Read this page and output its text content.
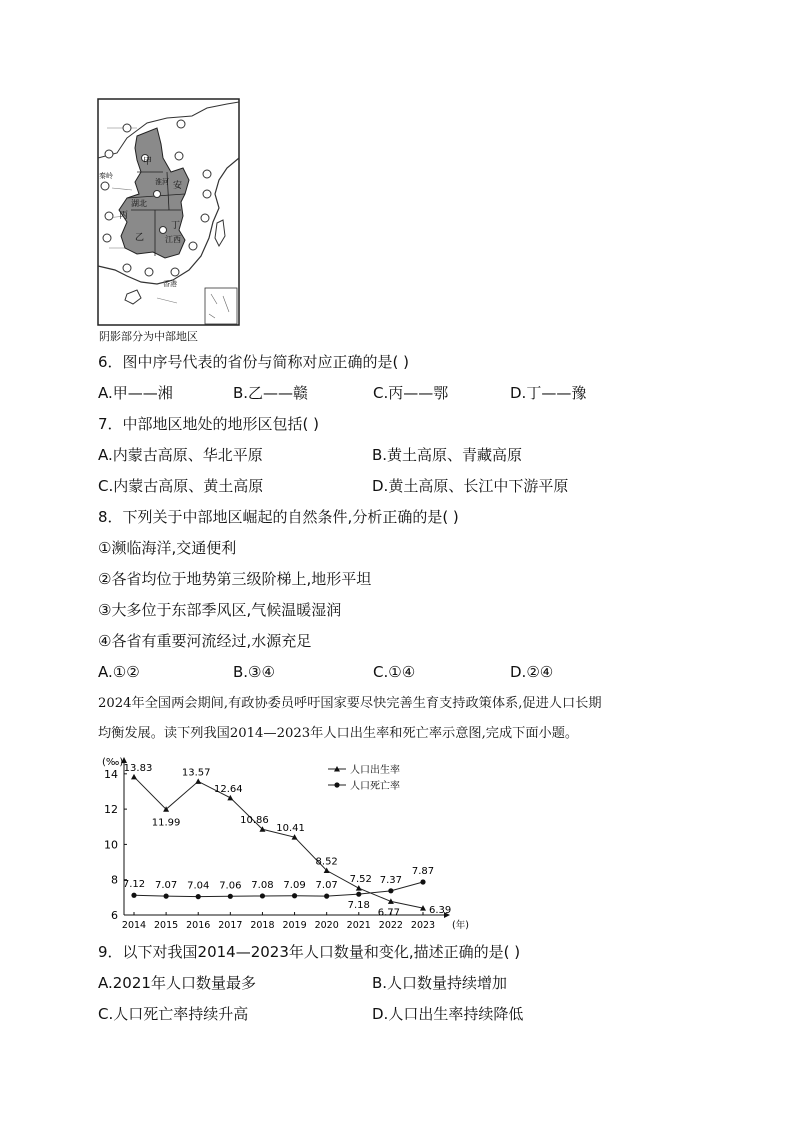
甲
秦岭
淮河 安
湖北
丙
乙
丁
江西
香港
阴影部分为中部地区
6．图中序号代表的省份与简称对应正确的是( )
A.甲——湘	B.乙——赣	C.丙——鄂	D.丁——豫
7．中部地区地处的地形区包括( )
A.内蒙古高原、华北平原	B.黄土高原、青藏高原
C.内蒙古高原、黄土高原	D.黄土高原、长江中下游平原
8．下列关于中部地区崛起的自然条件,分析正确的是( )
①濒临海洋,交通便利
②各省均位于地势第三级阶梯上,地形平坦
③大多位于东部季风区,气候温暖湿润
④各省有重要河流经过,水源充足
A.①②	B.③④	C.①④	D.②④
2024年全国两会期间,有政协委员呼吁国家要尽快完善生育支持政策体系,促进人口长期
均衡发展。读下列我国2014—2023年人口出生率和死亡率示意图,完成下面小题。
(‰)
6
8
10
12
14
2014 2015 2016 2017 2018 2019 2020 2021 2022 2023 (年)
13.83
11.99
13.57
12.64
10.86
10.41
8.52
7.52
6.77	6.39
7.12 7.07 7.04 7.06 7.08 7.09 7.07
7.18
7.37
7.87
人口出生率
人口死亡率
9．以下对我国2014—2023年人口数量和变化,描述正确的是( )
A.2021年人口数量最多	B.人口数量持续增加
C.人口死亡率持续升高	D.人口出生率持续降低
